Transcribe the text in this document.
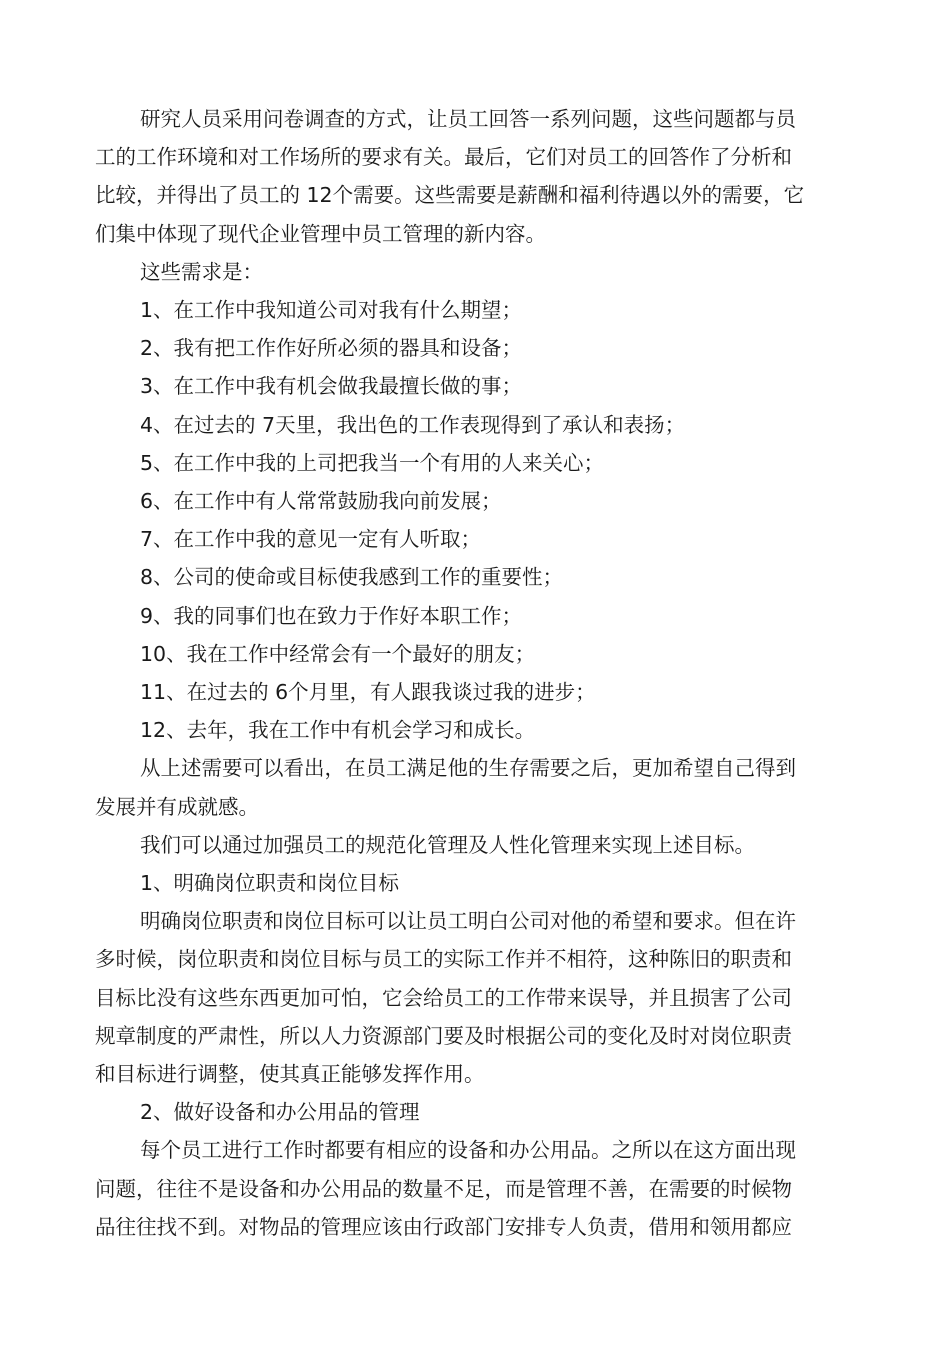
研究人员采用问卷调查的方式，让员工回答一系列问题，这些问题都与员
工的工作环境和对工作场所的要求有关。最后，它们对员工的回答作了分析和
比较，并得出了员工的 12个需要。这些需要是薪酬和福利待遇以外的需要，它
们集中体现了现代企业管理中员工管理的新内容。

这些需求是：

1、在工作中我知道公司对我有什么期望；

2、我有把工作作好所必须的器具和设备；

3、在工作中我有机会做我最擅长做的事；

4、在过去的 7天里，我出色的工作表现得到了承认和表扬；

5、在工作中我的上司把我当一个有用的人来关心；

6、在工作中有人常常鼓励我向前发展；

7、在工作中我的意见一定有人听取；

8、公司的使命或目标使我感到工作的重要性；

9、我的同事们也在致力于作好本职工作；

10、我在工作中经常会有一个最好的朋友；

11、在过去的 6个月里，有人跟我谈过我的进步；

12、去年，我在工作中有机会学习和成长。

从上述需要可以看出，在员工满足他的生存需要之后，更加希望自己得到
发展并有成就感。

我们可以通过加强员工的规范化管理及人性化管理来实现上述目标。

1、明确岗位职责和岗位目标

明确岗位职责和岗位目标可以让员工明白公司对他的希望和要求。但在许
多时候，岗位职责和岗位目标与员工的实际工作并不相符，这种陈旧的职责和
目标比没有这些东西更加可怕，它会给员工的工作带来误导，并且损害了公司
规章制度的严肃性，所以人力资源部门要及时根据公司的变化及时对岗位职责
和目标进行调整，使其真正能够发挥作用。

2、做好设备和办公用品的管理

每个员工进行工作时都要有相应的设备和办公用品。之所以在这方面出现
问题，往往不是设备和办公用品的数量不足，而是管理不善，在需要的时候物
品往往找不到。对物品的管理应该由行政部门安排专人负责，借用和领用都应
